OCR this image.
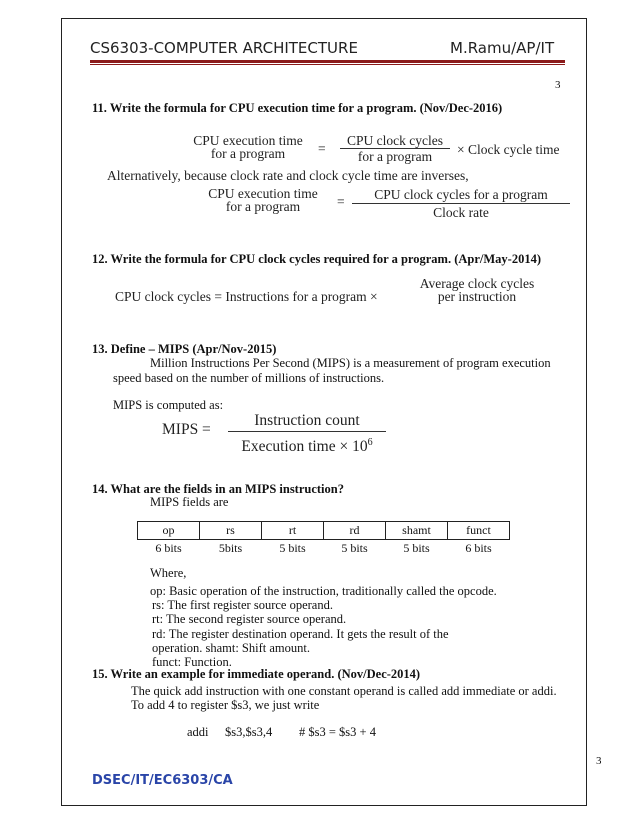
CS6303-COMPUTER ARCHITECTURE	M.Ramu/AP/IT
3
11. Write the formula for CPU execution time for a program. (Nov/Dec-2016)
CPU execution time
for a program	=
CPU clock cycles
for a program	× Clock cycle time
Alternatively, because clock rate and clock cycle time are inverses,
CPU execution time
for a program	=	CPU clock cycles for a program
Clock rate
12. Write the formula for CPU clock cycles required for a program. (Apr/May-2014)
CPU clock cycles = Instructions for a program ×
Average clock cycles
per instruction
13. Define – MIPS (Apr/Nov-2015)
Million Instructions Per Second (MIPS) is a measurement of program execution
speed based on the number of millions of instructions.
MIPS is computed as:
MIPS =
Instruction count
Execution time × $10^6$
14. What are the fields in an MIPS instruction?
MIPS fields are
op	rs	rt	rd	shamt	funct
6 bits	5bits	5 bits	5 bits	5 bits	6 bits
Where,
op: Basic operation of the instruction, traditionally called the opcode.
rs: The first register source operand.
rt: The second register source operand.
rd: The register destination operand. It gets the result of the
operation. shamt: Shift amount.
funct: Function.
15. Write an example for immediate operand. (Nov/Dec-2014)
The quick add instruction with one constant operand is called add immediate or addi.
To add 4 to register $s3, we just write
addi $s3,$s3,4 # $s3 = $s3 + 4
3
DSEC/IT/EC6303/CA
